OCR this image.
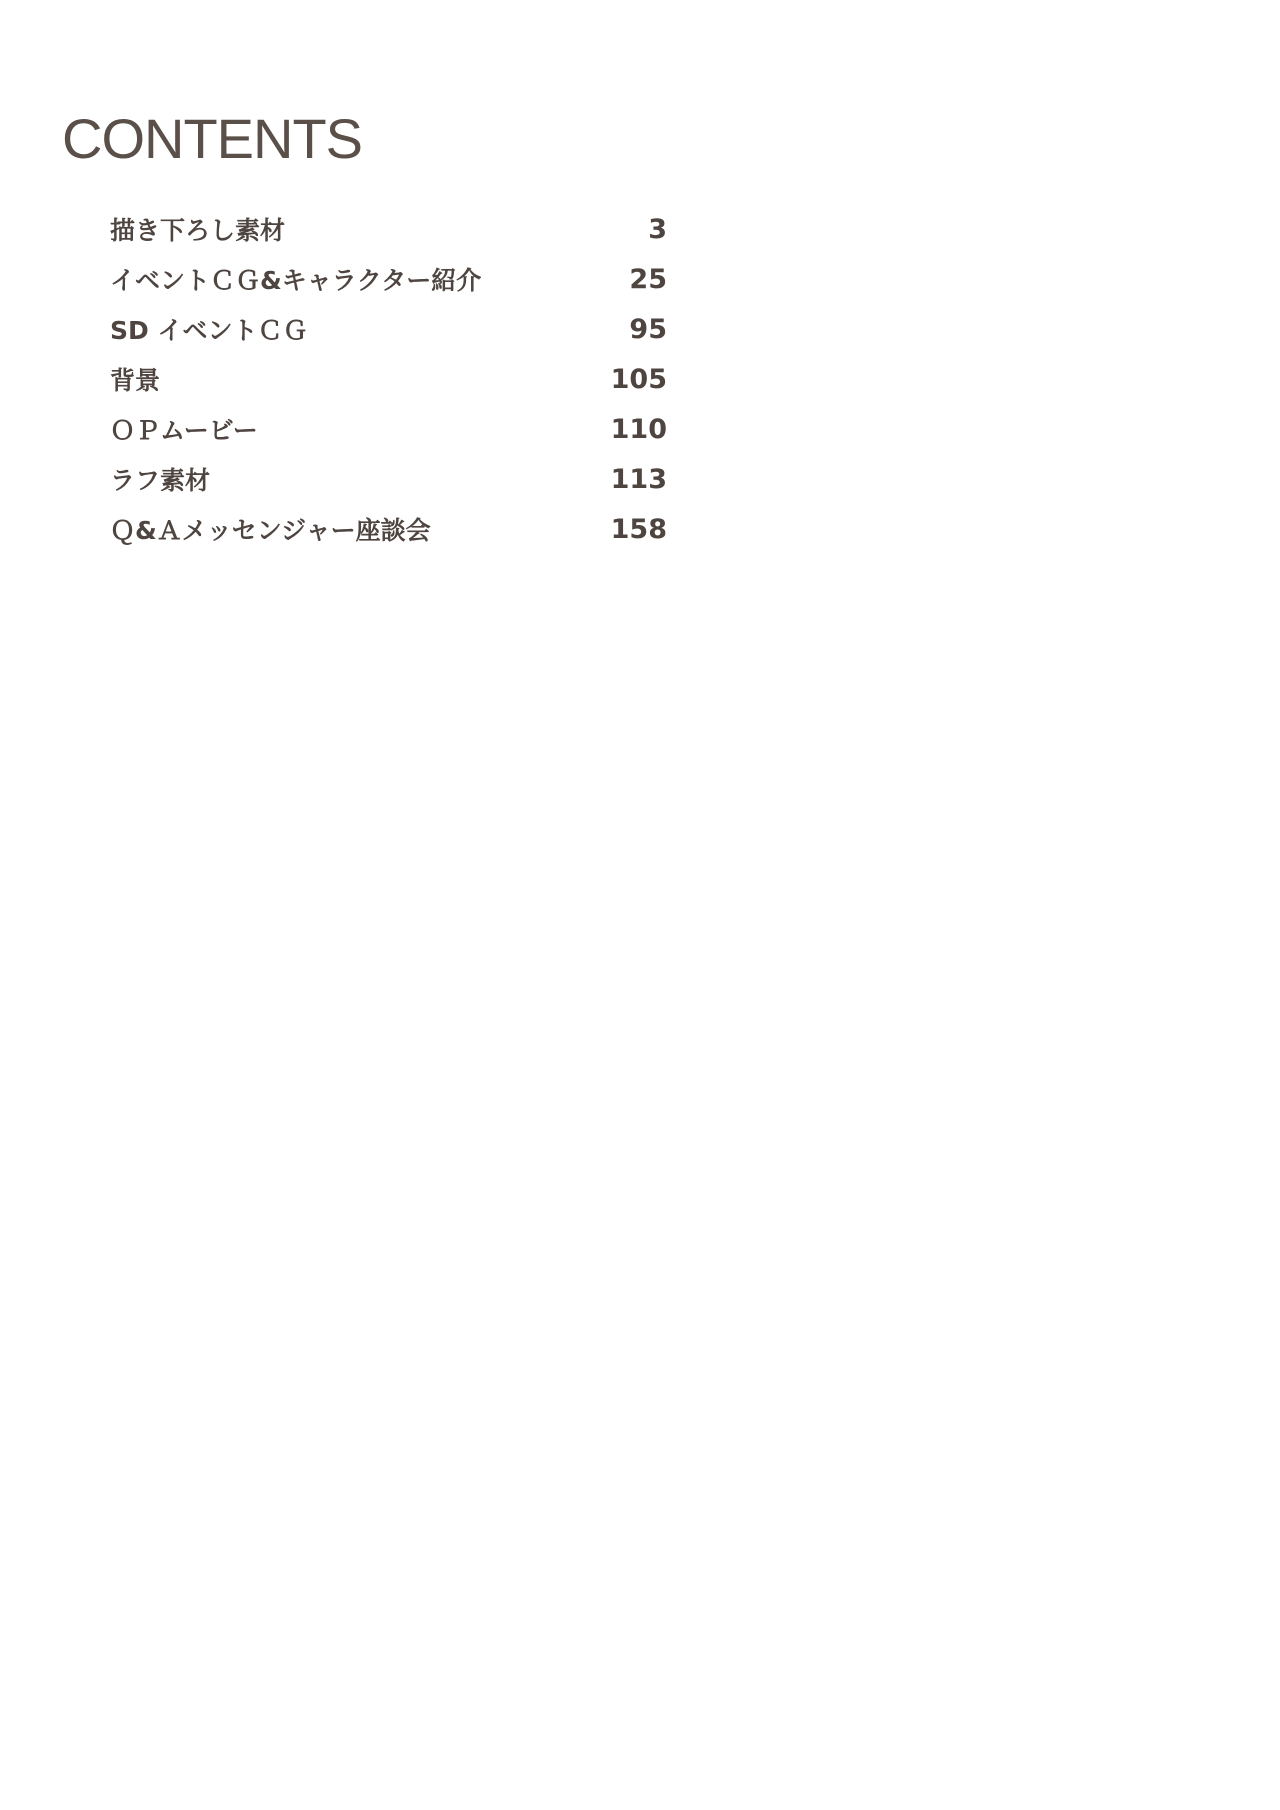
CONTENTS
描き下ろし素材	3
イベントＣＧ&キャラクター紹介	25
SD イベントＣＧ	95
背景	105
ＯＰムービー	110
ラフ素材	113
Ｑ&Ａメッセンジャー座談会	158
